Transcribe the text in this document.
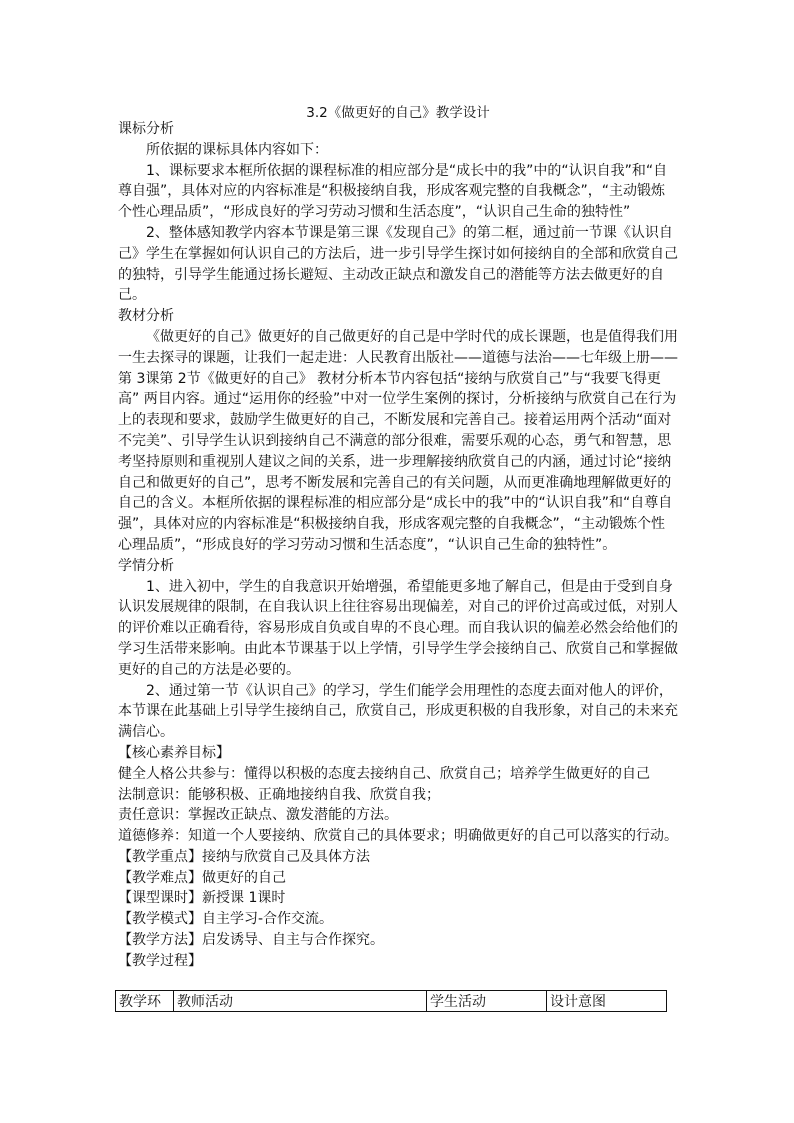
3.2《做更好的自己》教学设计

课标分析

所依据的课标具体内容如下：

1、课标要求本框所依据的课程标准的相应部分是“成长中的我”中的“认识自我”和“自尊自强”，具体对应的内容标准是“积极接纳自我，形成客观完整的自我概念”，“主动锻炼个性心理品质”，“形成良好的学习劳动习惯和生活态度”，“认识自己生命的独特性”

2、整体感知教学内容本节课是第三课《发现自己》的第二框，通过前一节课《认识自己》学生在掌握如何认识自己的方法后，进一步引导学生探讨如何接纳自的全部和欣赏自己的独特，引导学生能通过扬长避短、主动改正缺点和激发自己的潜能等方法去做更好的自己。

教材分析

《做更好的自己》做更好的自己做更好的自己是中学时代的成长课题，也是值得我们用一生去探寻的课题，让我们一起走进：人民教育出版社——道德与法治——七年级上册——第 3课第 2节《做更好的自己》 教材分析本节内容包括“接纳与欣赏自己”与“我要飞得更高” 两目内容。通过“运用你的经验”中对一位学生案例的探讨，分析接纳与欣赏自己在行为上的表现和要求，鼓励学生做更好的自己，不断发展和完善自己。接着运用两个活动“面对不完美”、引导学生认识到接纳自己不满意的部分很难，需要乐观的心态，勇气和智慧，思考坚持原则和重视别人建议之间的关系，进一步理解接纳欣赏自己的内涵，通过讨论“接纳自己和做更好的自己”，思考不断发展和完善自己的有关问题，从而更准确地理解做更好的自己的含义。本框所依据的课程标准的相应部分是“成长中的我”中的“认识自我”和“自尊自强”，具体对应的内容标准是“积极接纳自我，形成客观完整的自我概念”，“主动锻炼个性心理品质”，“形成良好的学习劳动习惯和生活态度”，“认识自己生命的独特性”。

学情分析

1、进入初中，学生的自我意识开始增强，希望能更多地了解自己，但是由于受到自身认识发展规律的限制，在自我认识上往往容易出现偏差，对自己的评价过高或过低，对别人的评价难以正确看待，容易形成自负或自卑的不良心理。而自我认识的偏差必然会给他们的学习生活带来影响。由此本节课基于以上学情，引导学生学会接纳自己、欣赏自己和掌握做更好的自己的方法是必要的。

2、通过第一节《认识自己》的学习，学生们能学会用理性的态度去面对他人的评价，本节课在此基础上引导学生接纳自己，欣赏自己，形成更积极的自我形象，对自己的未来充满信心。

【核心素养目标】

健全人格公共参与：懂得以积极的态度去接纳自己、欣赏自己；培养学生做更好的自己

法制意识：能够积极、正确地接纳自我、欣赏自我；

责任意识：掌握改正缺点、激发潜能的方法。

道德修养：知道一个人要接纳、欣赏自己的具体要求；明确做更好的自己可以落实的行动。

【教学重点】接纳与欣赏自己及具体方法

【教学难点】做更好的自己

【课型课时】新授课 1课时

【教学模式】自主学习-合作交流。

【教学方法】启发诱导、自主与合作探究。

【教学过程】

教学环	教师活动	学生活动	设计意图
